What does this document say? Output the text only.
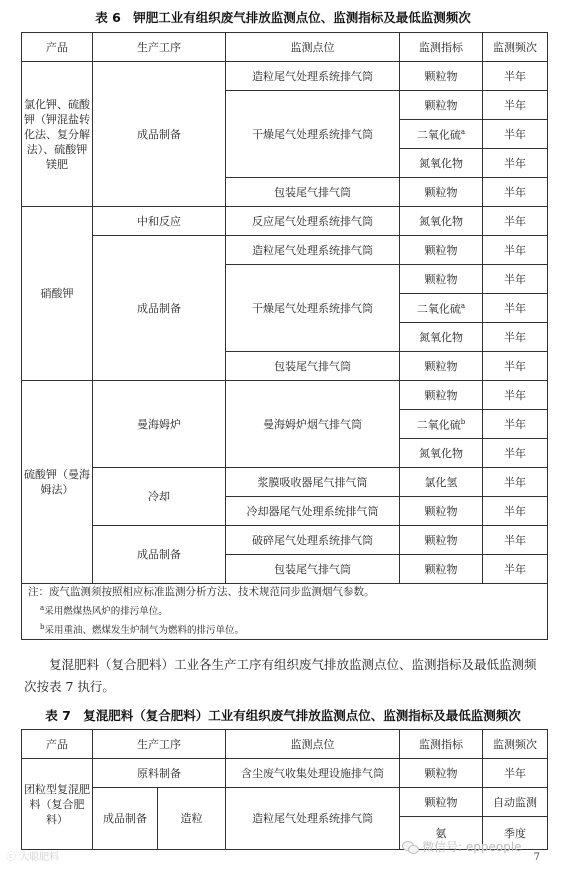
表 6　钾肥工业有组织废气排放监测点位、监测指标及最低监测频次
产品	生产工序	监测点位	监测指标	监测频次
氯化钾、硫酸钾（钾混盐转化法、复分解法）、硫酸钾镁肥	成品制备	造粒尾气处理系统排气筒	颗粒物	半年
		干燥尾气处理系统排气筒	颗粒物	半年
			二氧化硫$^a$	半年
			氮氧化物	半年
		包装尾气排气筒	颗粒物	半年
硝酸钾	中和反应	反应尾气处理系统排气筒	氮氧化物	半年
	成品制备	造粒尾气处理系统排气筒	颗粒物	半年
		干燥尾气处理系统排气筒	颗粒物	半年
			二氧化硫$^a$	半年
			氮氧化物	半年
		包装尾气排气筒	颗粒物	半年
硫酸钾（曼海姆法）	曼海姆炉	曼海姆炉烟气排气筒	颗粒物	半年
			二氧化硫$^b$	半年
			氮氧化物	半年
	冷却	浆膜吸收器尾气排气筒	氯化氢	半年
		冷却器尾气处理系统排气筒	颗粒物	半年
	成品制备	破碎尾气处理系统排气筒	颗粒物	半年
		包装尾气排气筒	颗粒物	半年

注：废气监测须按照相应标准监测分析方法、技术规范同步监测烟气参数。
$^a$采用燃煤热风炉的排污单位。
$^b$采用重油、燃煤发生炉制气为燃料的排污单位。				
复混肥料（复合肥料）工业各生产工序有组织废气排放监测点位、监测指标及最低监测频次按表 7 执行。
表 7　复混肥料（复合肥料）工业有组织废气排放监测点位、监测指标及最低监测频次
产品	生产工序		监测点位	监测指标	监测频次
团粒型复混肥料（复合肥料）	原料制备		含尘废气收集处理设施排气筒	颗粒物	半年
	成品制备	造粒	造粒尾气处理系统排气筒	颗粒物	自动监测
				氨	季度

ⓒ 大聪肥料
微信号: eppeople
7
